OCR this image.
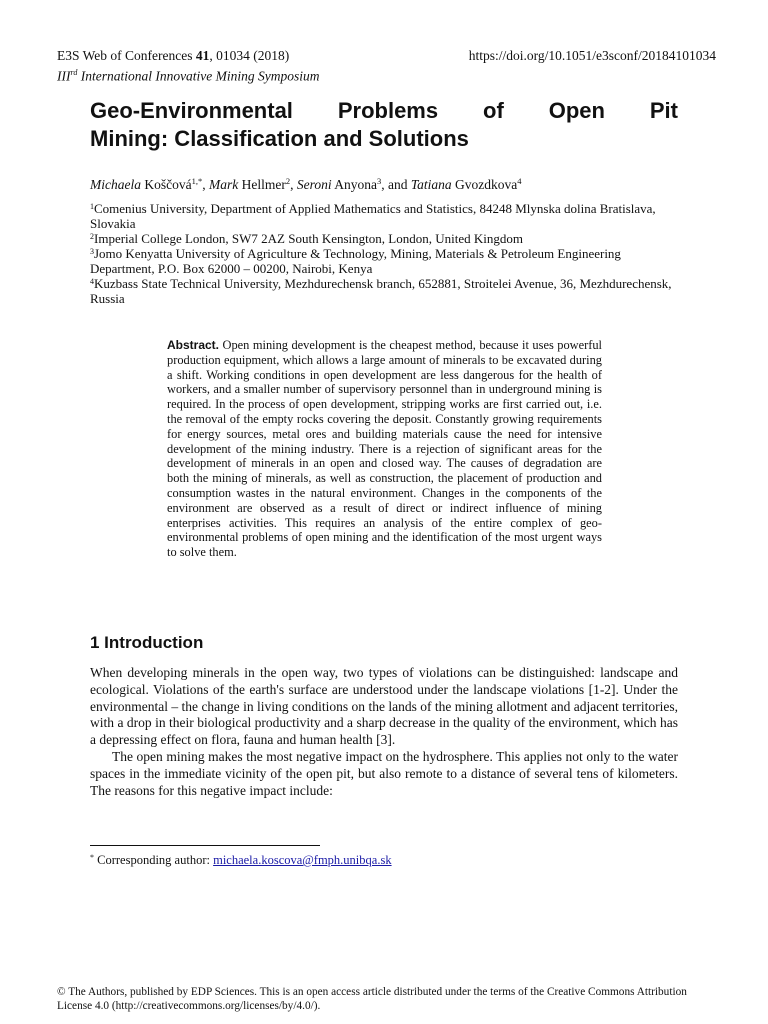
E3S Web of Conferences 41, 01034 (2018)	https://doi.org/10.1051/e3sconf/20184101034
IIIrd International Innovative Mining Symposium
Geo-Environmental Problems of Open Pit
Mining: Classification and Solutions
Michaela Koščová$^{1,*}$, Mark Hellmer$^2$, Seroni Anyona$^3$, and Tatiana Gvozdkova$^4$
$^1$Comenius University, Department of Applied Mathematics and Statistics, 84248 Mlynska dolina Bratislava, Slovakia
$^2$Imperial College London, SW7 2AZ South Kensington, London, United Kingdom
$^3$Jomo Kenyatta University of Agriculture & Technology, Mining, Materials & Petroleum Engineering Department, P.O. Box 62000 – 00200, Nairobi, Kenya
$^4$Kuzbass State Technical University, Mezhdurechensk branch, 652881, Stroitelei Avenue, 36, Mezhdurechensk, Russia
Abstract. Open mining development is the cheapest method, because it uses powerful production equipment, which allows a large amount of minerals to be excavated during a shift. Working conditions in open development are less dangerous for the health of workers, and a smaller number of supervisory personnel than in underground mining is required. In the process of open development, stripping works are first carried out, i.e. the removal of the empty rocks covering the deposit. Constantly growing requirements for energy sources, metal ores and building materials cause the need for intensive development of the mining industry. There is a rejection of significant areas for the development of minerals in an open and closed way. The causes of degradation are both the mining of minerals, as well as construction, the placement of production and consumption wastes in the natural environment. Changes in the components of the environment are observed as a result of direct or indirect influence of mining enterprises activities. This requires an analysis of the entire complex of geo-environmental problems of open mining and the identification of the most urgent ways to solve them.
1 Introduction

When developing minerals in the open way, two types of violations can be distinguished: landscape and ecological. Violations of the earth's surface are understood under the landscape violations [1-2]. Under the environmental – the change in living conditions on the lands of the mining allotment and adjacent territories, with a drop in their biological productivity and a sharp decrease in the quality of the environment, which has a depressing effect on flora, fauna and human health [3].

The open mining makes the most negative impact on the hydrosphere. This applies not only to the water spaces in the immediate vicinity of the open pit, but also remote to a distance of several tens of kilometers. The reasons for this negative impact include:

* Corresponding author: michaela.koscova@fmph.unibqa.sk
© The Authors, published by EDP Sciences. This is an open access article distributed under the terms of the Creative Commons Attribution License 4.0 (http://creativecommons.org/licenses/by/4.0/).
